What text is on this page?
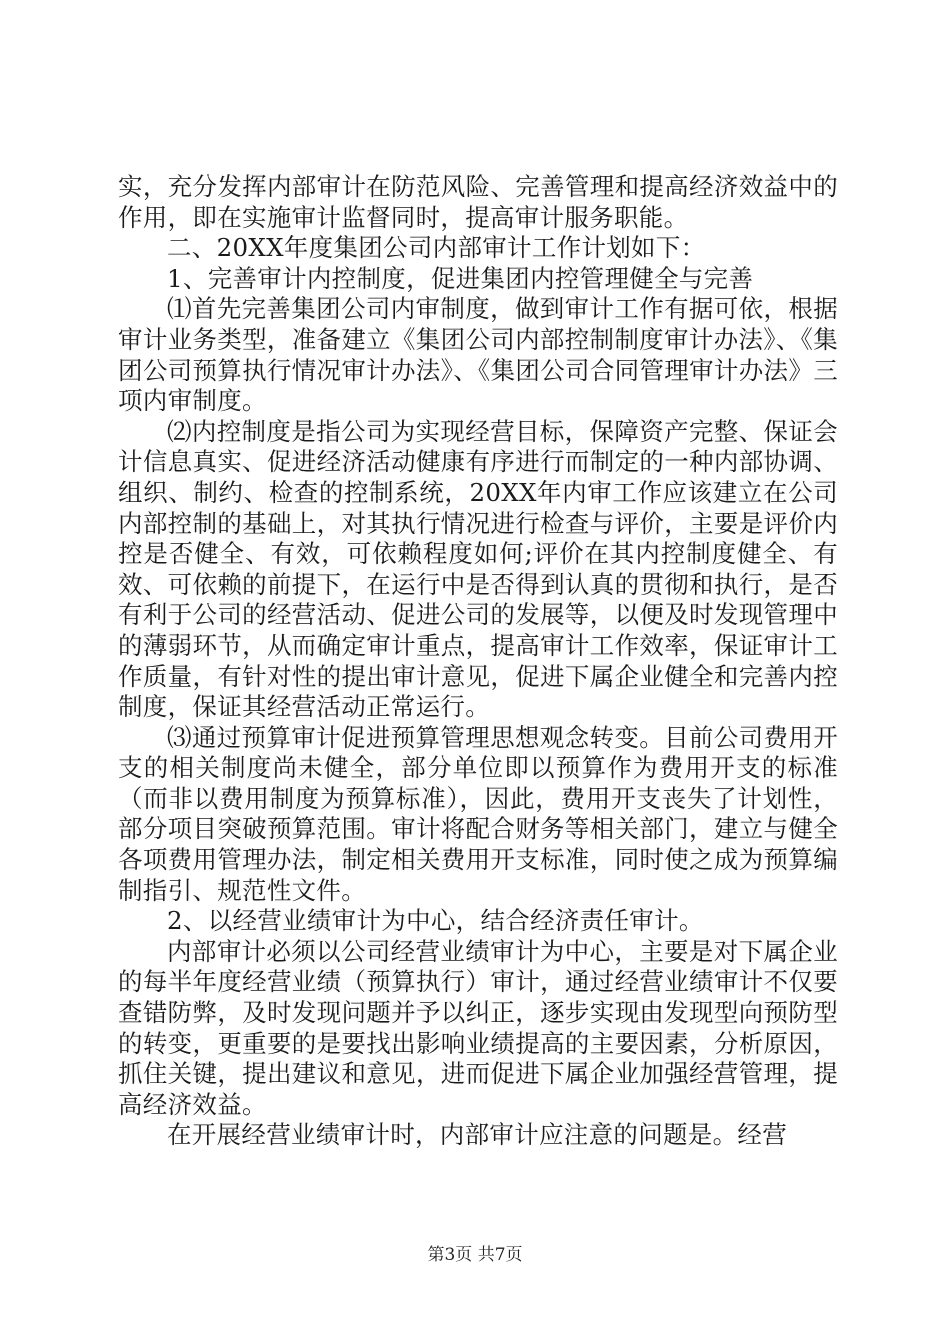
实，充分发挥内部审计在防范风险、完善管理和提高经济效益中的作用，即在实施审计监督同时，提高审计服务职能。

二、20XX年度集团公司内部审计工作计划如下：

1、完善审计内控制度，促进集团内控管理健全与完善

⑴首先完善集团公司内审制度，做到审计工作有据可依，根据审计业务类型，准备建立《集团公司内部控制制度审计办法》、《集团公司预算执行情况审计办法》、《集团公司合同管理审计办法》三项内审制度。

⑵内控制度是指公司为实现经营目标，保障资产完整、保证会计信息真实、促进经济活动健康有序进行而制定的一种内部协调、组织、制约、检查的控制系统，20XX年内审工作应该建立在公司内部控制的基础上，对其执行情况进行检查与评价，主要是评价内控是否健全、有效，可依赖程度如何;评价在其内控制度健全、有效、可依赖的前提下，在运行中是否得到认真的贯彻和执行，是否有利于公司的经营活动、促进公司的发展等，以便及时发现管理中的薄弱环节，从而确定审计重点，提高审计工作效率，保证审计工作质量，有针对性的提出审计意见，促进下属企业健全和完善内控制度，保证其经营活动正常运行。

⑶通过预算审计促进预算管理思想观念转变。目前公司费用开支的相关制度尚未健全，部分单位即以预算作为费用开支的标准（而非以费用制度为预算标准），因此，费用开支丧失了计划性，部分项目突破预算范围。审计将配合财务等相关部门，建立与健全各项费用管理办法，制定相关费用开支标准，同时使之成为预算编制指引、规范性文件。

2、以经营业绩审计为中心，结合经济责任审计。

内部审计必须以公司经营业绩审计为中心，主要是对下属企业的每半年度经营业绩（预算执行）审计，通过经营业绩审计不仅要查错防弊，及时发现问题并予以纠正，逐步实现由发现型向预防型的转变，更重要的是要找出影响业绩提高的主要因素，分析原因，抓住关键，提出建议和意见，进而促进下属企业加强经营管理，提高经济效益。

在开展经营业绩审计时，内部审计应注意的问题是。经营

第3页 共7页
